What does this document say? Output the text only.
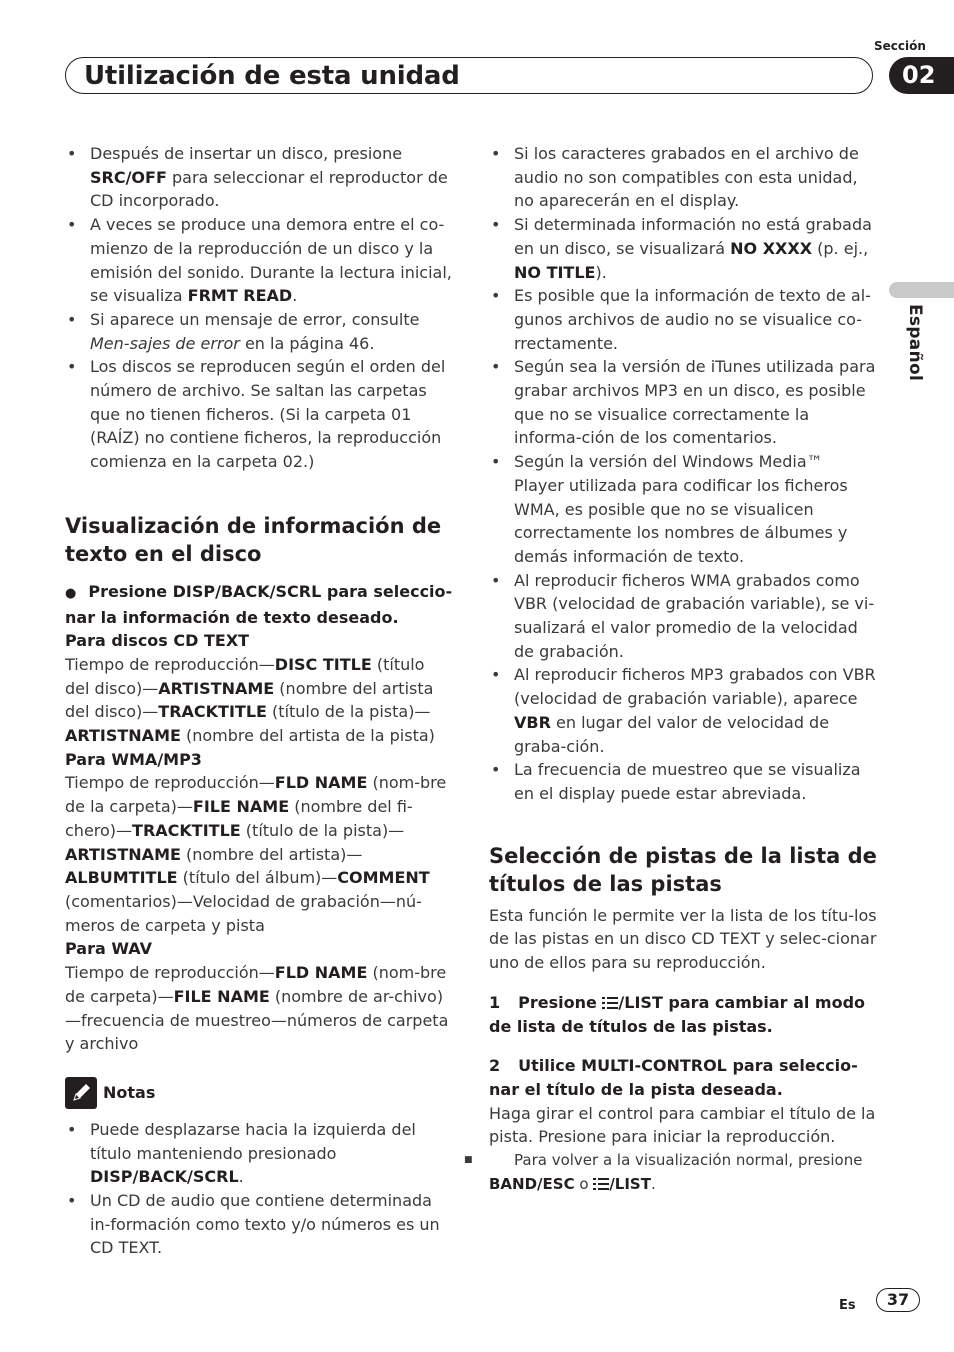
Utilización de esta unidad
Sección
02
Español
• Después de insertar un disco, presione SRC/OFF para seleccionar el reproductor de CD incorporado.
• A veces se produce una demora entre el co-mienzo de la reproducción de un disco y la emisión del sonido. Durante la lectura inicial, se visualiza FRMT READ.
• Si aparece un mensaje de error, consulte Men-sajes de error en la página 46.
• Los discos se reproducen según el orden del número de archivo. Se saltan las carpetas que no tienen ficheros. (Si la carpeta 01 (RAÍZ) no contiene ficheros, la reproducción comienza en la carpeta 02.)
Visualización de información de texto en el disco

● Presione DISP/BACK/SCRL para seleccio-nar la información de texto deseado.

Para discos CD TEXT

Tiempo de reproducción—DISC TITLE (título del disco)—ARTISTNAME (nombre del artista del disco)—TRACKTITLE (título de la pista)—ARTISTNAME (nombre del artista de la pista)

Para WMA/MP3

Tiempo de reproducción—FLD NAME (nom-bre de la carpeta)—FILE NAME (nombre del fi-chero)—TRACKTITLE (título de la pista)—ARTISTNAME (nombre del artista)—ALBUMTITLE (título del álbum)—COMMENT (comentarios)—Velocidad de grabación—nú-meros de carpeta y pista

Para WAV

Tiempo de reproducción—FLD NAME (nom-bre de carpeta)—FILE NAME (nombre de ar-chivo)—frecuencia de muestreo—números de carpeta y archivo

Notas
• Puede desplazarse hacia la izquierda del título manteniendo presionado DISP/BACK/SCRL.
• Un CD de audio que contiene determinada in-formación como texto y/o números es un CD TEXT.
• Si los caracteres grabados en el archivo de audio no son compatibles con esta unidad, no aparecerán en el display.
• Si determinada información no está grabada en un disco, se visualizará NO XXXX (p. ej., NO TITLE).
• Es posible que la información de texto de al-gunos archivos de audio no se visualice co-rrectamente.
• Según sea la versión de iTunes utilizada para grabar archivos MP3 en un disco, es posible que no se visualice correctamente la informa-ción de los comentarios.
• Según la versión del Windows Media™ Player utilizada para codificar los ficheros WMA, es posible que no se visualicen correctamente los nombres de álbumes y demás información de texto.
• Al reproducir ficheros WMA grabados como VBR (velocidad de grabación variable), se vi-sualizará el valor promedio de la velocidad de grabación.
• Al reproducir ficheros MP3 grabados con VBR (velocidad de grabación variable), aparece VBR en lugar del valor de velocidad de graba-ción.
• La frecuencia de muestreo que se visualiza en el display puede estar abreviada.
Selección de pistas de la lista de títulos de las pistas

Esta función le permite ver la lista de los títu-los de las pistas en un disco CD TEXT y selec-cionar uno de ellos para su reproducción.

1 Presione /LIST para cambiar al modo de lista de títulos de las pistas.

2 Utilice MULTI-CONTROL para seleccio-nar el título de la pista deseada.

Haga girar el control para cambiar el título de la pista. Presione para iniciar la reproducción.

■ Para volver a la visualización normal, presione BAND/ESC o /LIST.
Es	37
